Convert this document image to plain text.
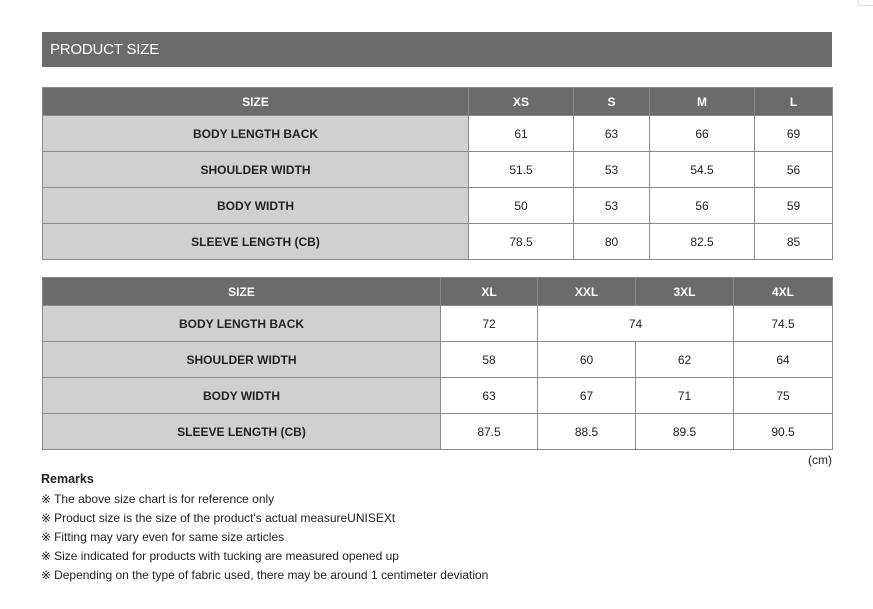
PRODUCT SIZE
SIZE	XS	S	M	L
BODY LENGTH BACK	61	63	66	69
SHOULDER WIDTH	51.5	53	54.5	56
BODY WIDTH	50	53	56	59
SLEEVE LENGTH (CB)	78.5	80	82.5	85
SIZE	XL	XXL	3XL	4XL
BODY LENGTH BACK	72	74		74.5
SHOULDER WIDTH	58	60	62	64
BODY WIDTH	63	67	71	75
SLEEVE LENGTH (CB)	87.5	88.5	89.5	90.5
(cm)
Remarks
※ The above size chart is for reference only
※ Product size is the size of the product's actual measureUNISEXt
※ Fitting may vary even for same size articles
※ Size indicated for products with tucking are measured opened up
※ Depending on the type of fabric used, there may be around 1 centimeter deviation
